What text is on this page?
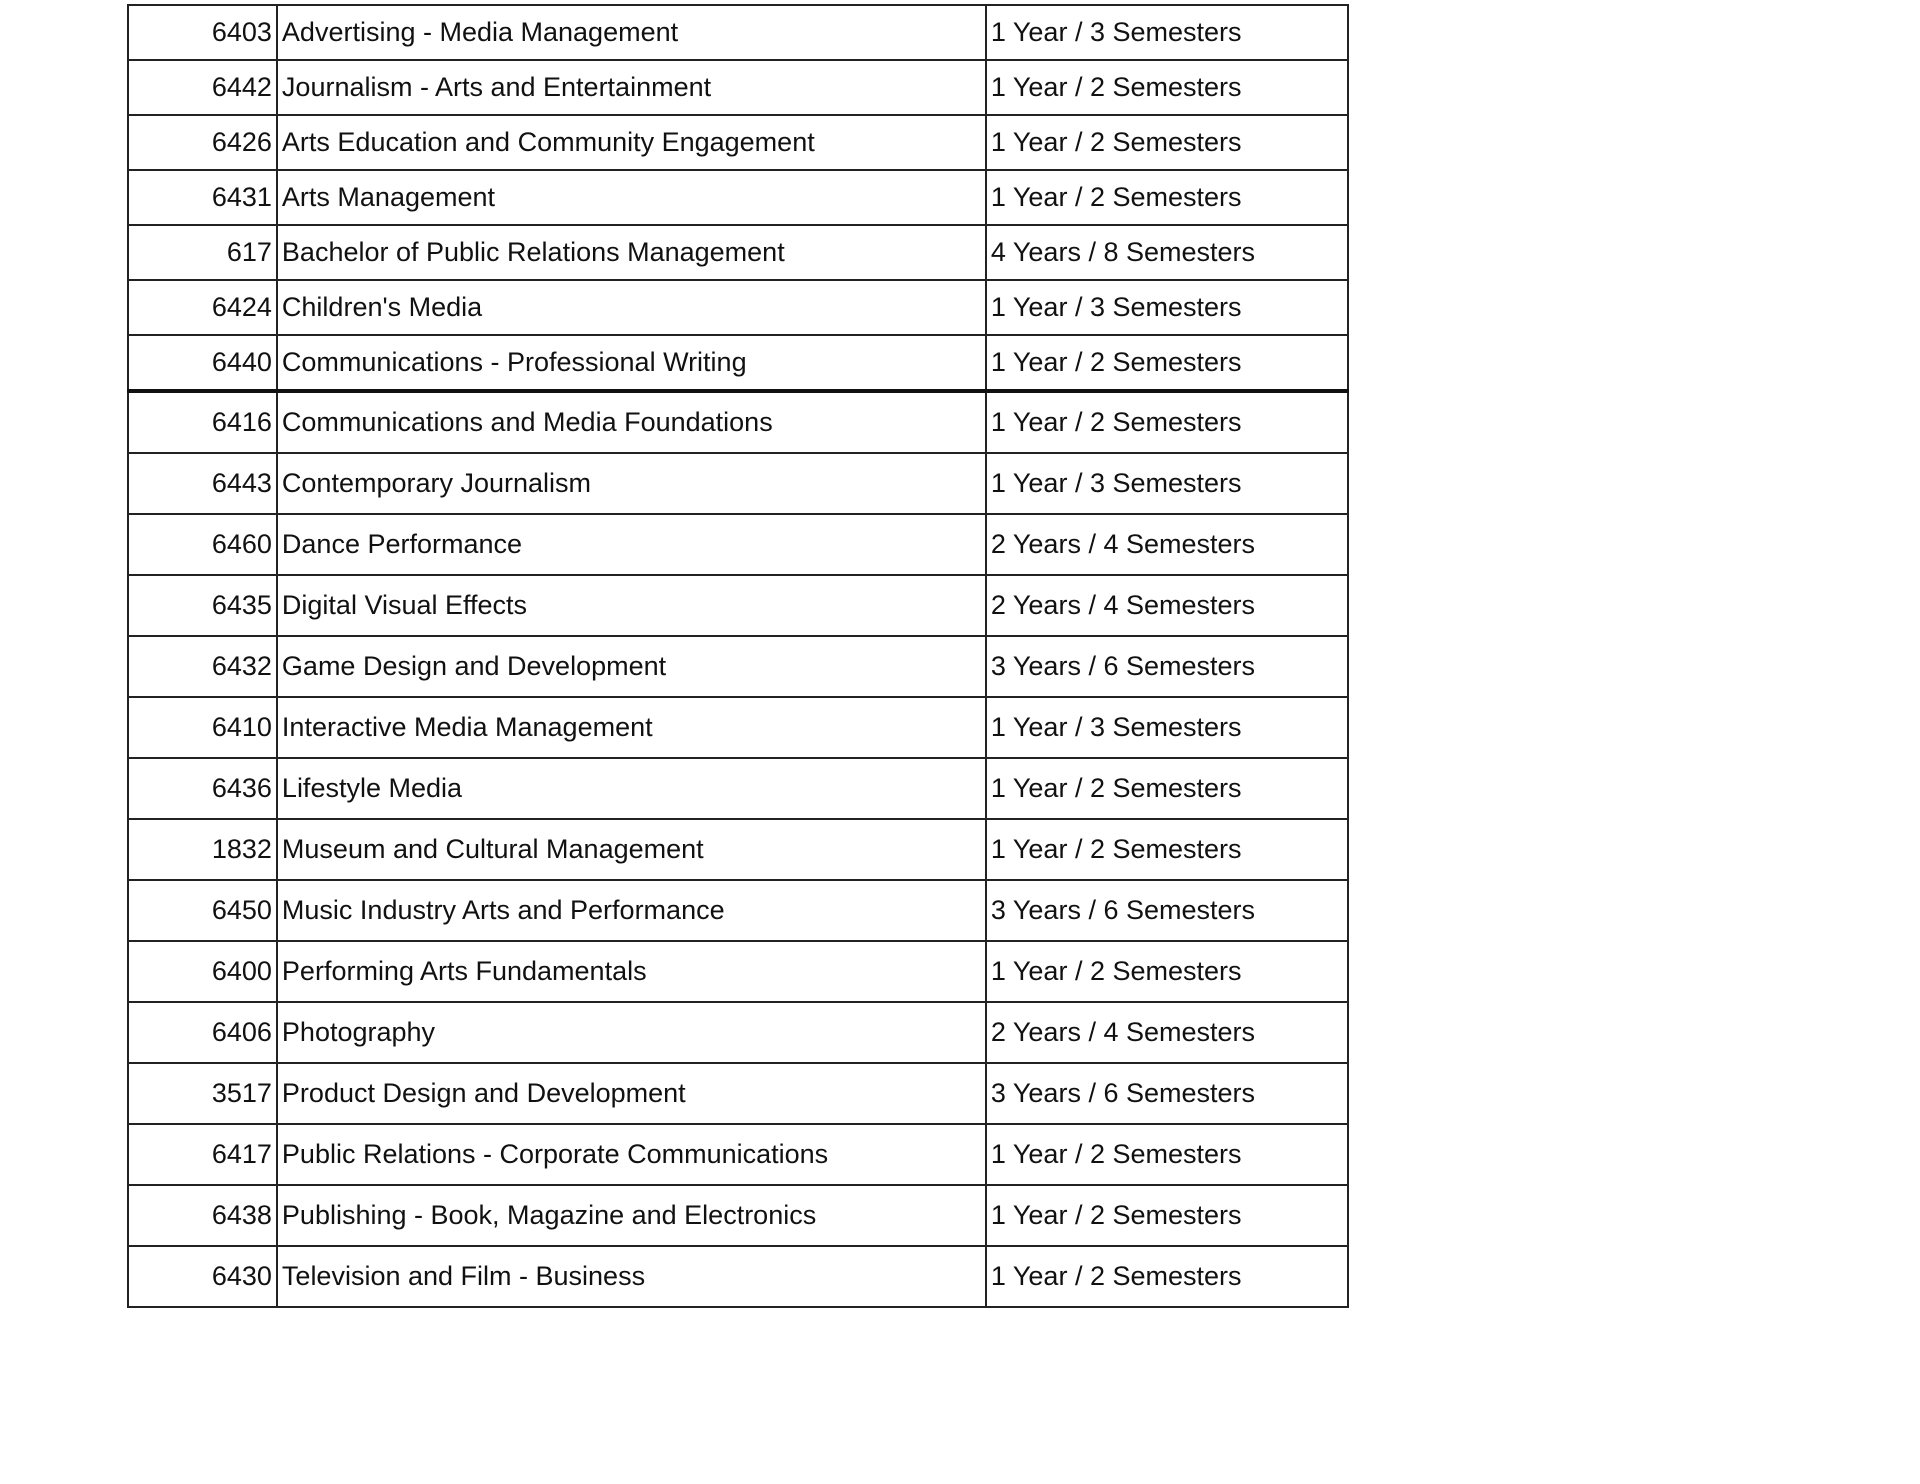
6403	Advertising - Media Management	1 Year / 3 Semesters
6442	Journalism - Arts and Entertainment	1 Year / 2 Semesters
6426	Arts Education and Community Engagement	1 Year / 2 Semesters
6431	Arts Management	1 Year / 2 Semesters
617	Bachelor of Public Relations Management	4 Years / 8 Semesters
6424	Children's Media	1 Year / 3 Semesters
6440	Communications - Professional Writing	1 Year / 2 Semesters
6416	Communications and Media Foundations	1 Year / 2 Semesters
6443	Contemporary Journalism	1 Year / 3 Semesters
6460	Dance Performance	2 Years / 4 Semesters
6435	Digital Visual Effects	2 Years / 4 Semesters
6432	Game Design and Development	3 Years / 6 Semesters
6410	Interactive Media Management	1 Year / 3 Semesters
6436	Lifestyle Media	1 Year / 2 Semesters
1832	Museum and Cultural Management	1 Year / 2 Semesters
6450	Music Industry Arts and Performance	3 Years / 6 Semesters
6400	Performing Arts Fundamentals	1 Year / 2 Semesters
6406	Photography	2 Years / 4 Semesters
3517	Product Design and Development	3 Years / 6 Semesters
6417	Public Relations - Corporate Communications	1 Year / 2 Semesters
6438	Publishing - Book, Magazine and Electronics	1 Year / 2 Semesters
6430	Television and Film - Business	1 Year / 2 Semesters
